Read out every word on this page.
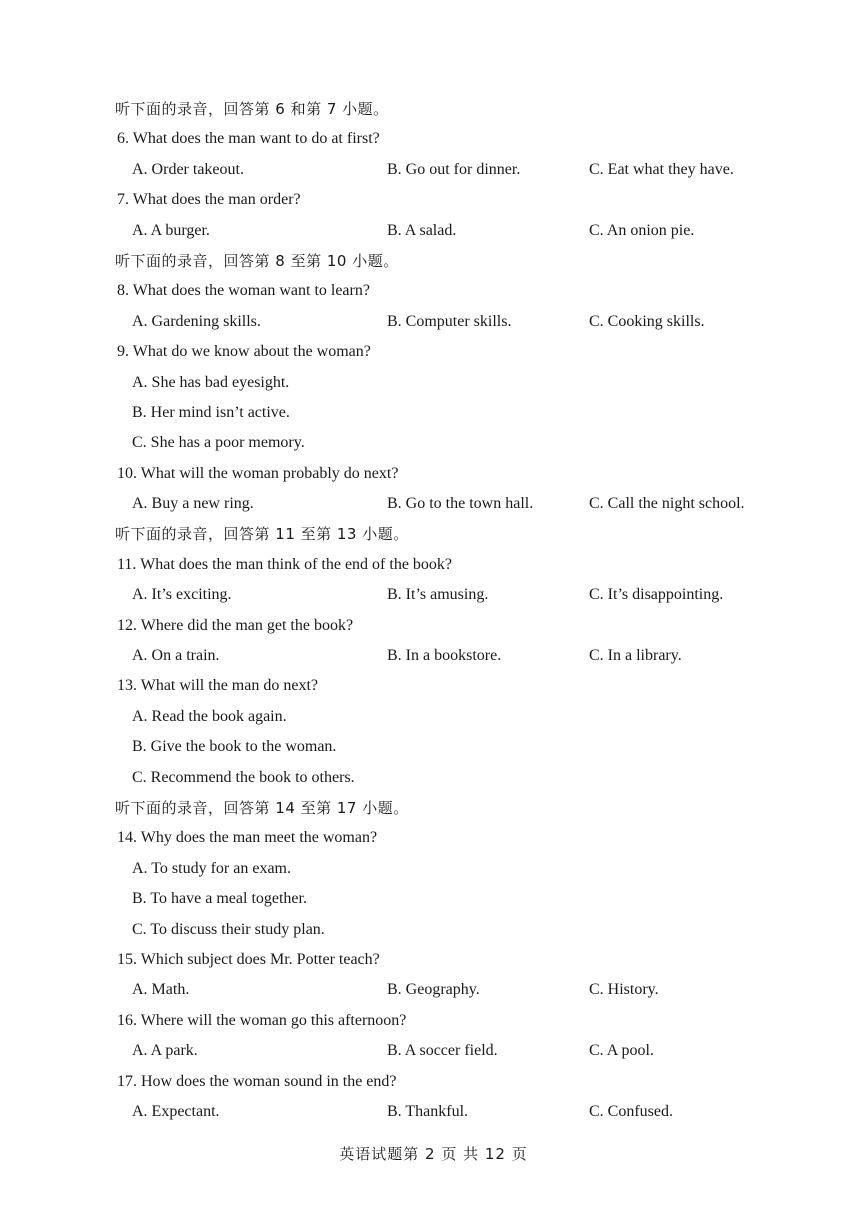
听下面的录音，回答第 6 和第 7 小题。
6. What does the man want to do at first?
A. Order takeout.	B. Go out for dinner.	C. Eat what they have.
7. What does the man order?
A. A burger.	B. A salad.	C. An onion pie.
听下面的录音，回答第 8 至第 10 小题。
8. What does the woman want to learn?
A. Gardening skills.	B. Computer skills.	C. Cooking skills.
9. What do we know about the woman?
A. She has bad eyesight.
B. Her mind isn’t active.
C. She has a poor memory.
10. What will the woman probably do next?
A. Buy a new ring.	B. Go to the town hall.	C. Call the night school.
听下面的录音，回答第 11 至第 13 小题。
11. What does the man think of the end of the book?
A. It’s exciting.	B. It’s amusing.	C. It’s disappointing.
12. Where did the man get the book?
A. On a train.	B. In a bookstore.	C. In a library.
13. What will the man do next?
A. Read the book again.
B. Give the book to the woman.
C. Recommend the book to others.
听下面的录音，回答第 14 至第 17 小题。
14. Why does the man meet the woman?
A. To study for an exam.
B. To have a meal together.
C. To discuss their study plan.
15. Which subject does Mr. Potter teach?
A. Math.	B. Geography.	C. History.
16. Where will the woman go this afternoon?
A. A park.	B. A soccer field.	C. A pool.
17. How does the woman sound in the end?
A. Expectant.	B. Thankful.	C. Confused.
英语试题第 2 页 共 12 页
